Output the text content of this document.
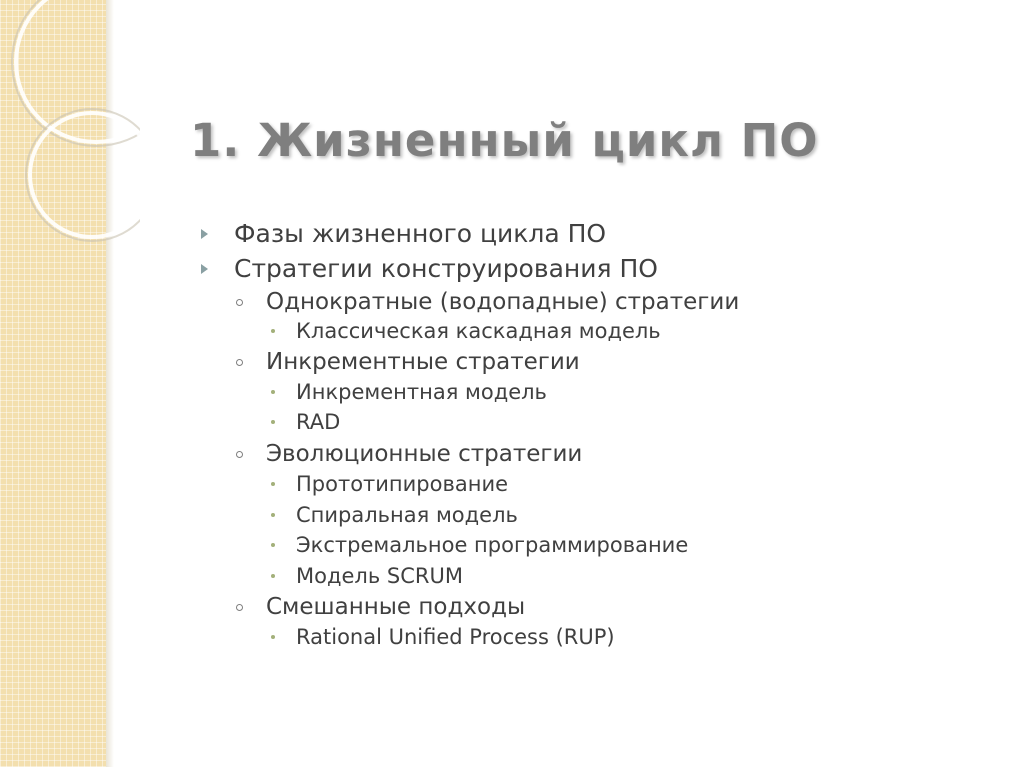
1. Жизненный цикл ПО
Фазы жизненного цикла ПО
Стратегии конструирования ПО
Однократные (водопадные) стратегии
Классическая каскадная модель
Инкрементные стратегии
Инкрементная модель
RAD
Эволюционные стратегии
Прототипирование
Спиральная модель
Экстремальное программирование
Модель SCRUM
Смешанные подходы
Rational Unified Process (RUP)
